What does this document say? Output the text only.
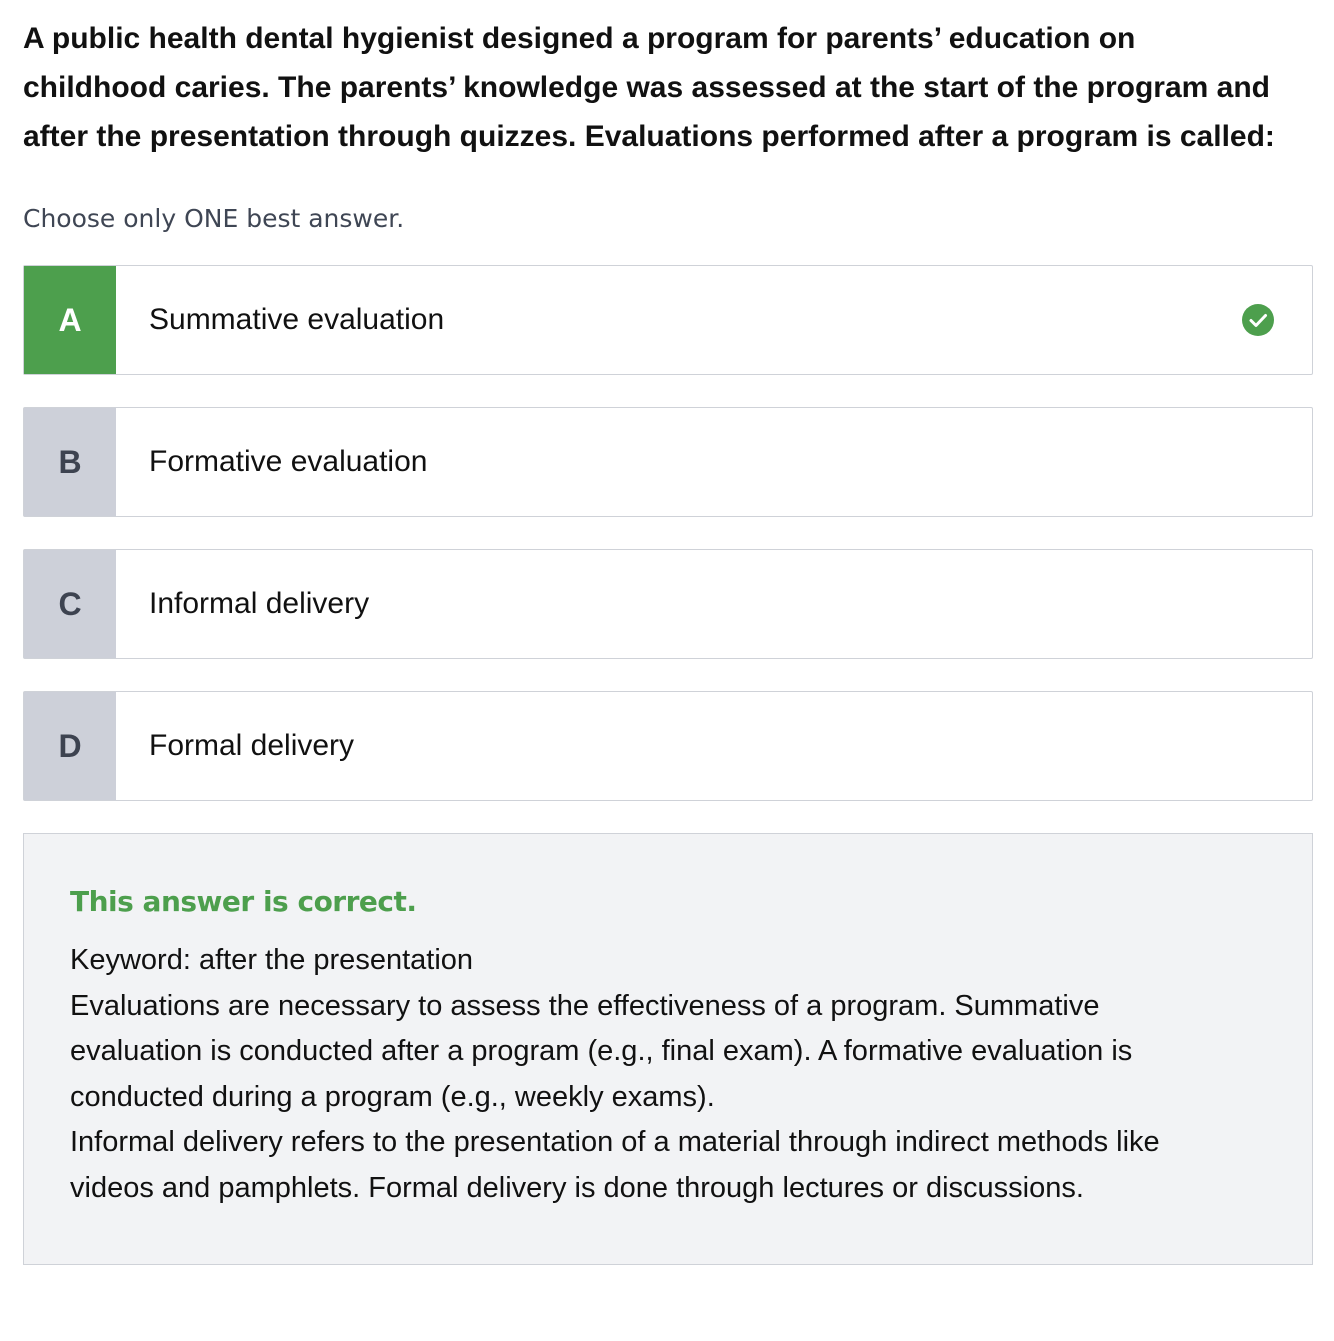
A public health dental hygienist designed a program for parents’ education on
childhood caries. The parents’ knowledge was assessed at the start of the program and
after the presentation through quizzes. Evaluations performed after a program is called:
Choose only ONE best answer.
A	Summative evaluation
B	Formative evaluation
C	Informal delivery
D	Formal delivery
This answer is correct.
Keyword: after the presentation
Evaluations are necessary to assess the effectiveness of a program. Summative
evaluation is conducted after a program (e.g., final exam). A formative evaluation is
conducted during a program (e.g., weekly exams).
Informal delivery refers to the presentation of a material through indirect methods like
videos and pamphlets. Formal delivery is done through lectures or discussions.
